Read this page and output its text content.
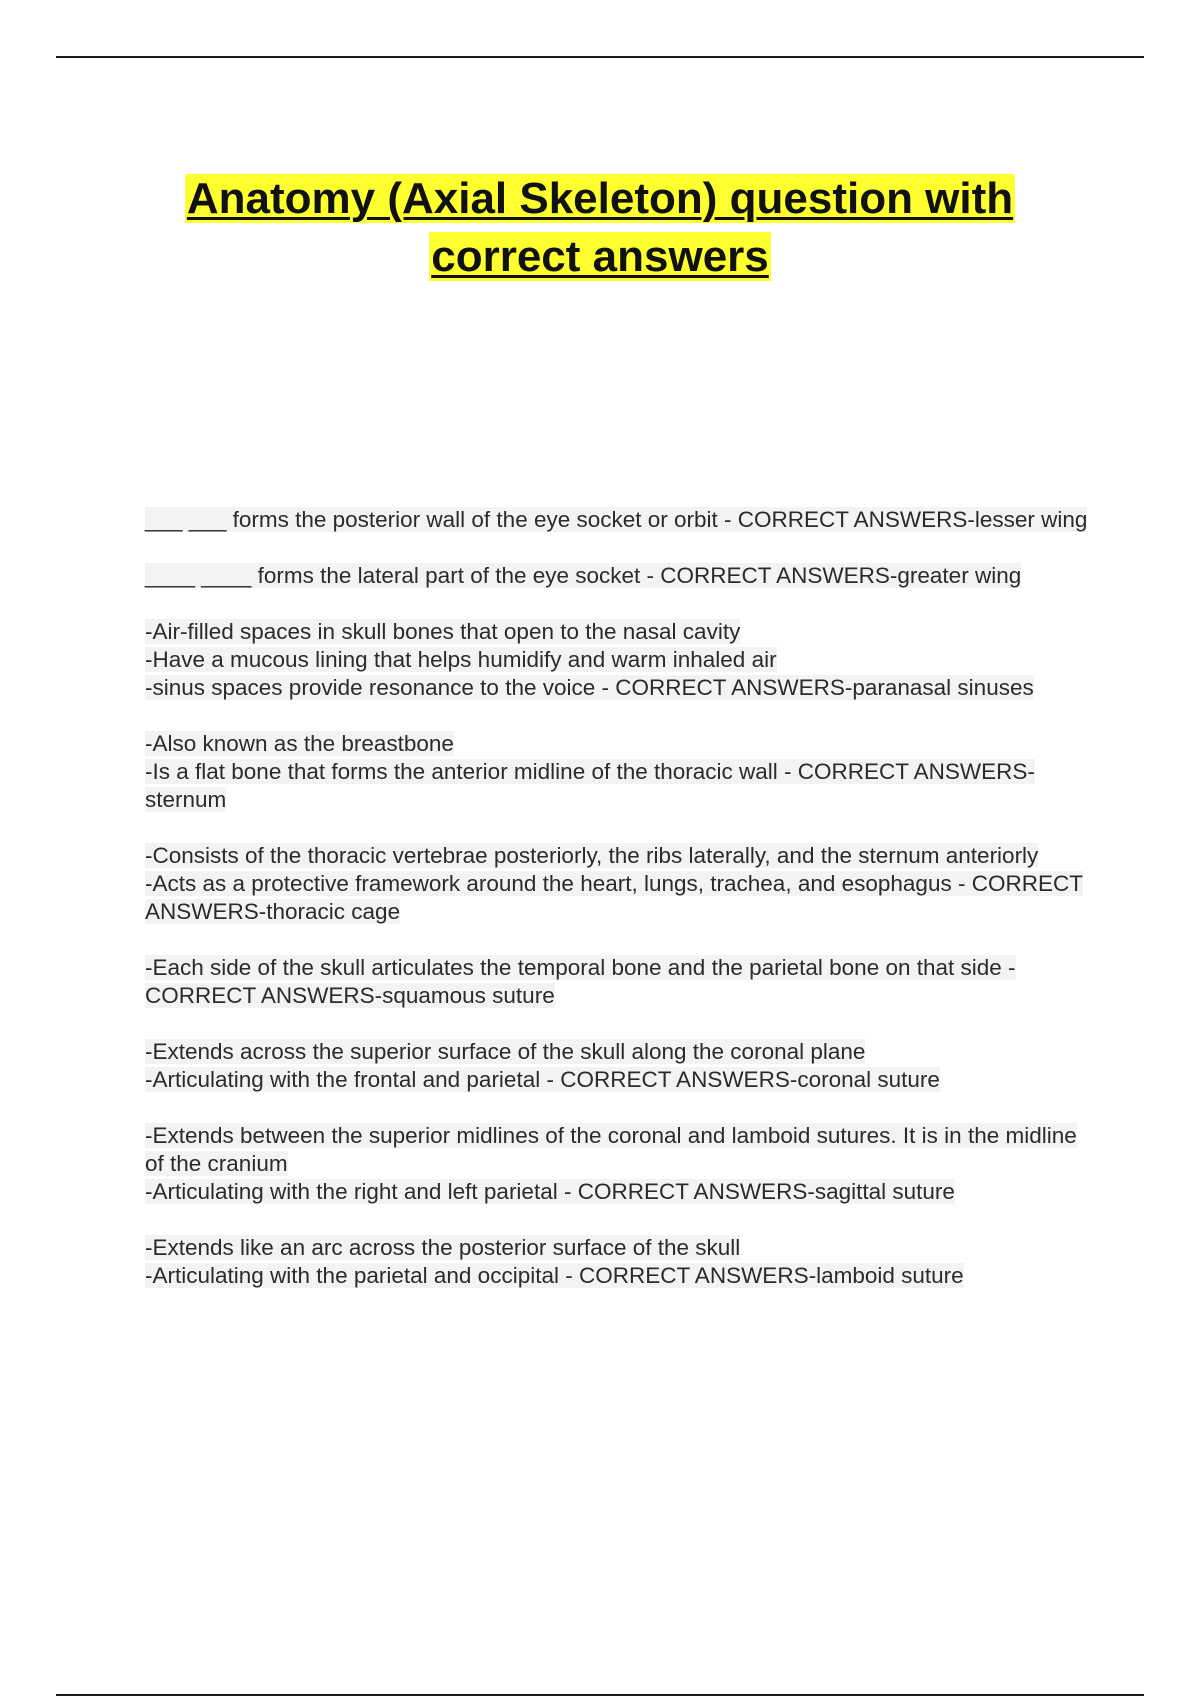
Anatomy (Axial Skeleton) question with correct answers
___ ___ forms the posterior wall of the eye socket or orbit - CORRECT ANSWERS-lesser wing
____ ____ forms the lateral part of the eye socket - CORRECT ANSWERS-greater wing
-Air-filled spaces in skull bones that open to the nasal cavity
-Have a mucous lining that helps humidify and warm inhaled air
-sinus spaces provide resonance to the voice - CORRECT ANSWERS-paranasal sinuses
-Also known as the breastbone
-Is a flat bone that forms the anterior midline of the thoracic wall - CORRECT ANSWERS-sternum
-Consists of the thoracic vertebrae posteriorly, the ribs laterally, and the sternum anteriorly
-Acts as a protective framework around the heart, lungs, trachea, and esophagus - CORRECT ANSWERS-thoracic cage
-Each side of the skull articulates the temporal bone and the parietal bone on that side - CORRECT ANSWERS-squamous suture
-Extends across the superior surface of the skull along the coronal plane
-Articulating with the frontal and parietal - CORRECT ANSWERS-coronal suture
-Extends between the superior midlines of the coronal and lamboid sutures. It is in the midline of the cranium
-Articulating with the right and left parietal - CORRECT ANSWERS-sagittal suture
-Extends like an arc across the posterior surface of the skull
-Articulating with the parietal and occipital - CORRECT ANSWERS-lamboid suture
